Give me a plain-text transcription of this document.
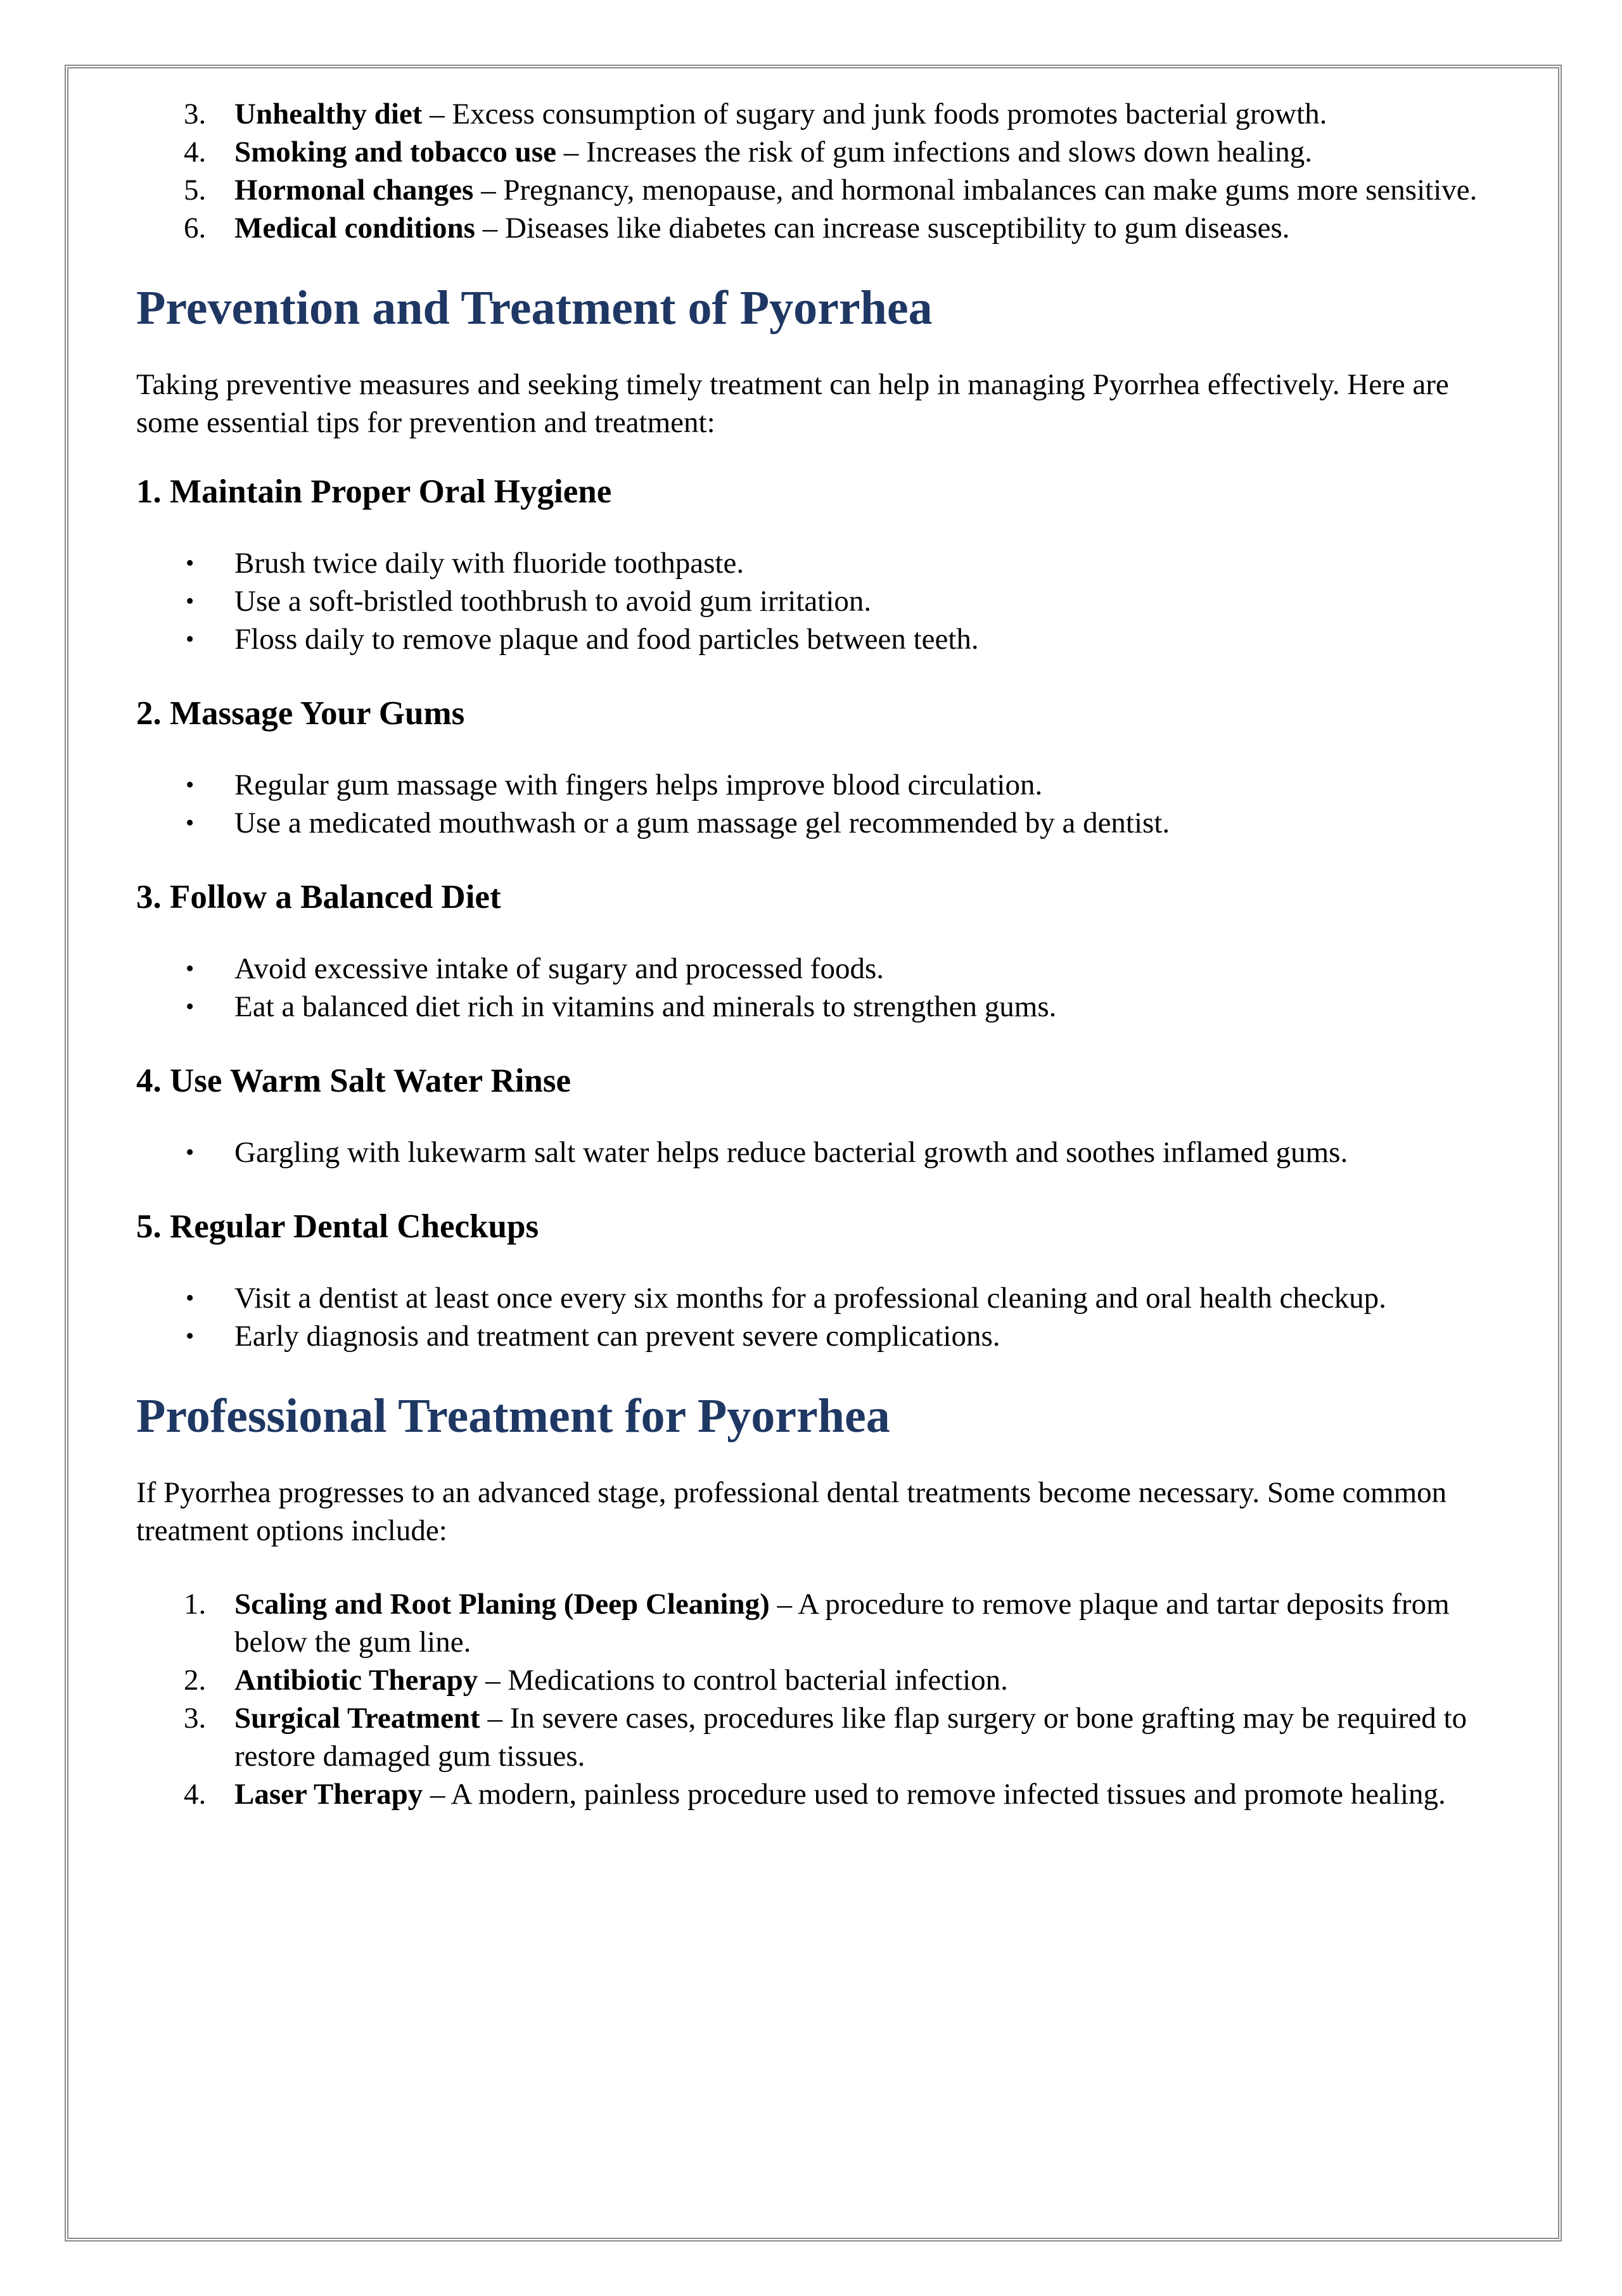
3. Unhealthy diet – Excess consumption of sugary and junk foods promotes bacterial growth.
4. Smoking and tobacco use – Increases the risk of gum infections and slows down healing.
5. Hormonal changes – Pregnancy, menopause, and hormonal imbalances can make gums more sensitive.
6. Medical conditions – Diseases like diabetes can increase susceptibility to gum diseases.
Prevention and Treatment of Pyorrhea

Taking preventive measures and seeking timely treatment can help in managing Pyorrhea effectively. Here are some essential tips for prevention and treatment:

1. Maintain Proper Oral Hygiene
• Brush twice daily with fluoride toothpaste.
• Use a soft-bristled toothbrush to avoid gum irritation.
• Floss daily to remove plaque and food particles between teeth.
2. Massage Your Gums
• Regular gum massage with fingers helps improve blood circulation.
• Use a medicated mouthwash or a gum massage gel recommended by a dentist.
3. Follow a Balanced Diet
• Avoid excessive intake of sugary and processed foods.
• Eat a balanced diet rich in vitamins and minerals to strengthen gums.
4. Use Warm Salt Water Rinse
• Gargling with lukewarm salt water helps reduce bacterial growth and soothes inflamed gums.
5. Regular Dental Checkups
• Visit a dentist at least once every six months for a professional cleaning and oral health checkup.
• Early diagnosis and treatment can prevent severe complications.
Professional Treatment for Pyorrhea

If Pyorrhea progresses to an advanced stage, professional dental treatments become necessary. Some common treatment options include:

1. Scaling and Root Planing (Deep Cleaning) – A procedure to remove plaque and tartar deposits from below the gum line.
2. Antibiotic Therapy – Medications to control bacterial infection.
3. Surgical Treatment – In severe cases, procedures like flap surgery or bone grafting may be required to restore damaged gum tissues.
4. Laser Therapy – A modern, painless procedure used to remove infected tissues and promote healing.
